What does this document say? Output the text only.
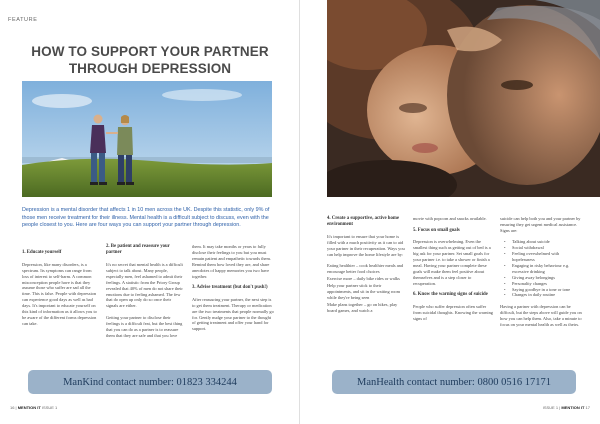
FEATURE
HOW TO SUPPORT YOUR PARTNER
THROUGH DEPRESSION
Depression is a mental disorder that affects 1 in 10 men across the UK. Despite this statistic, only 9% of those men receive treatment for their illness. Mental health is a difficult subject to discuss, even with the people closest to you. Here are four ways you can support your partner through depression.
1. Educate yourself

Depression, like many disorders, is a spectrum. Its symptoms can range from loss of interest to self-harm. A common misconception people have is that they assume those who suffer are sad all the time. This is false. People with depression can experience good days as well as bad days. It's important to educate yourself on this kind of information as it allows you to be aware of the different forms depression can take.

2. Be patient and reassure your partner

It's no secret that mental health is a difficult subject to talk about. Many people, especially men, feel ashamed to admit their feelings. A statistic from the Priory Group revealed that 40% of men do not share their emotions due to feeling ashamed. The few that do open up only do so once their signals are either.

Getting your partner to disclose their feelings is a difficult feat, but the best thing that you can do as a partner is to reassure them that they are safe and that you love

them. It may take months or years to fully disclose their feelings to you but you must remain patient and empathetic towards them. Remind them how loved they are, and share anecdotes of happy memories you two have together.

3. Advise treatment (but don't push!)

After reassuring your partner, the next step is to get them treatment. Therapy or medication are the two treatments that people normally go for. Gently nudge your partner to the thought of getting treatment and offer your hand for support.

ManKind contact number: 01823 334244
16 | MENTION IT ISSUE 1
4. Create a supportive, active home environment

It's important to ensure that your home is filled with a much positivity as it can to aid your partner in their recuperation. Ways you can help improve the home lifestyle are by:

Eating healthier – cook healthier meals and encourage better food choices

Exercise more – daily bike rides or walks

Help your partner stick to their appointments, and sit in the waiting room while they're being seen

Make plans together – go on hikes, play board games, and watch a

movie with popcorn and snacks available.

5. Focus on small goals

Depression is overwhelming. Even the smallest thing such as getting out of bed is a big ask for your partner. Set small goals for your partner i.e. to take a shower or finish a meal. Having your partner complete these goals will make them feel positive about themselves and is a step closer to recuperation.

6. Know the warning signs of suicide

People who suffer depression often suffer from suicidal thoughts. Knowing the warning signs of

suicide can help both you and your partner by ensuring they get urgent medical assistance. Signs are:

• Talking about suicide
• Social withdrawal
• Feeling overwhelmed with hopelessness
• Engaging in risky behaviour e.g. excessive drinking
• Giving away belongings
• Personality changes
• Saying goodbye in a tone or tone
• Changes in daily routine

Having a partner with depression can be difficult, but the steps above will guide you on how you can help them. Also, take a minute to focus on your mental health as well as theirs.

ManHealth contact number: 0800 0516 17171
ISSUE 1 | MENTION IT 17
